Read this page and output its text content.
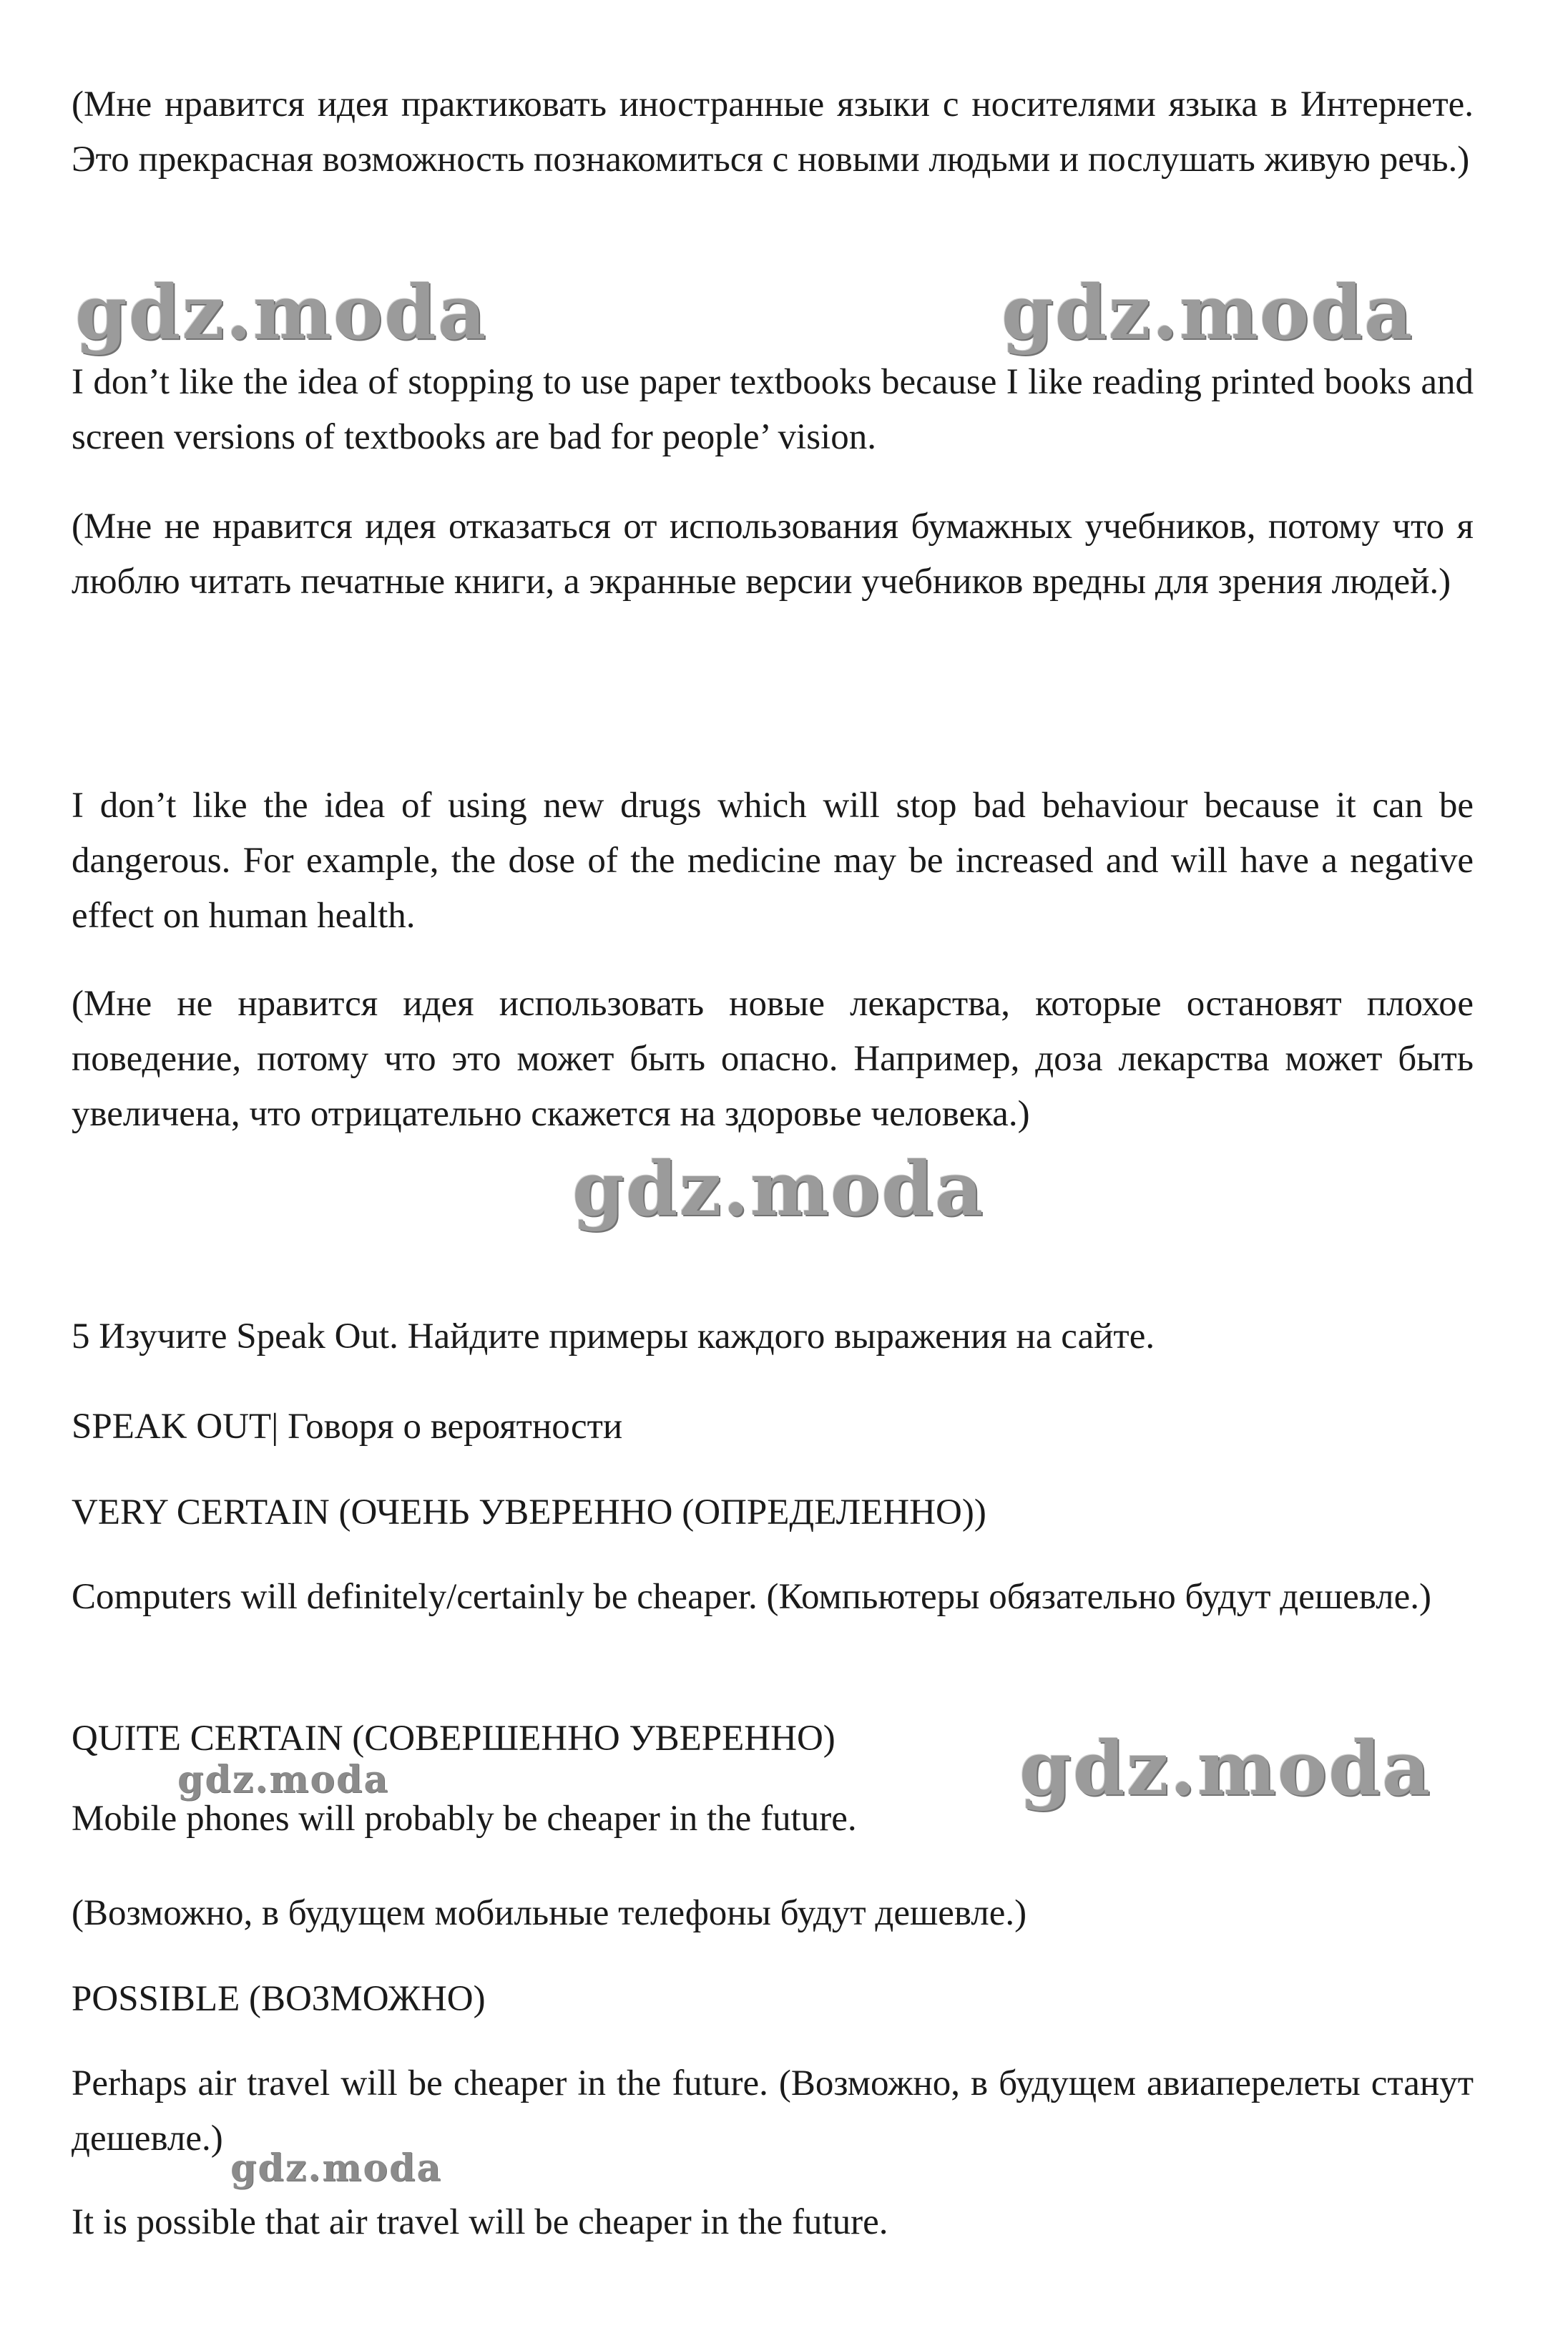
(Мне нравится идея практиковать иностранные языки с носителями языка в Интернете. Это прекрасная возможность познакомиться с новыми людьми и послушать живую речь.)

gdz.moda	gdz.moda

I don’t like the idea of stopping to use paper textbooks because I like reading printed books and screen versions of textbooks are bad for people’ vision.

(Мне не нравится идея отказаться от использования бумажных учебников, потому что я люблю читать печатные книги, а экранные версии учебников вредны для зрения людей.)

I don’t like the idea of using new drugs which will stop bad behaviour because it can be dangerous. For example, the dose of the medicine may be increased and will have a negative effect on human health.

(Мне не нравится идея использовать новые лекарства, которые остановят плохое поведение, потому что это может быть опасно. Например, доза лекарства может быть увеличена, что отрицательно скажется на здоровье человека.)

gdz.moda

5 Изучите Speak Out. Найдите примеры каждого выражения на сайте.

SPEAK OUT| Говоря о вероятности

VERY CERTAIN (ОЧЕНЬ УВЕРЕННО (ОПРЕДЕЛЕННО))

Computers will definitely/certainly be cheaper. (Компьютеры обязательно будут дешевле.)

QUITE CERTAIN (СОВЕРШЕННО УВЕРЕННО)

gdz.moda	gdz.moda

Mobile phones will probably be cheaper in the future.

(Возможно, в будущем мобильные телефоны будут дешевле.)

POSSIBLE (ВОЗМОЖНО)

Perhaps air travel will be cheaper in the future. (Возможно, в будущем авиаперелеты станут дешевле.)

gdz.moda

It is possible that air travel will be cheaper in the future.
